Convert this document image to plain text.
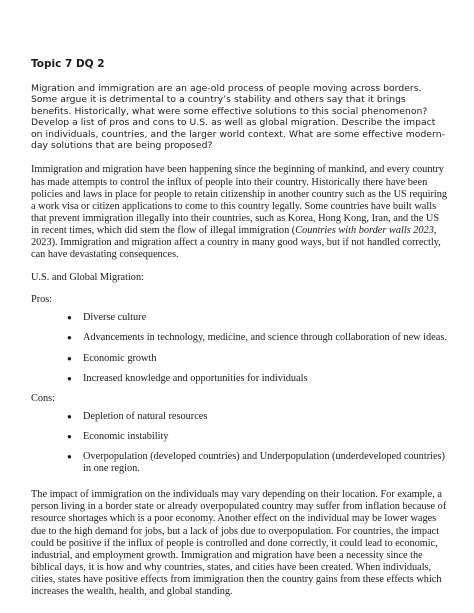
Topic 7 DQ 2

Migration and immigration are an age-old process of people moving across borders. Some argue it is detrimental to a country’s stability and others say that it brings benefits. Historically, what were some effective solutions to this social phenomenon? Develop a list of pros and cons to U.S. as well as global migration. Describe the impact on individuals, countries, and the larger world context. What are some effective modern-day solutions that are being proposed?

Immigration and migration have been happening since the beginning of mankind, and every country has made attempts to control the influx of people into their country. Historically there have been policies and laws in place for people to retain citizenship in another country such as the US requiring a work visa or citizen applications to come to this country legally. Some countries have built walls that prevent immigration illegally into their countries, such as Korea, Hong Kong, Iran, and the US in recent times, which did stem the flow of illegal immigration (Countries with border walls 2023, 2023). Immigration and migration affect a country in many good ways, but if not handled correctly, can have devastating consequences.

U.S. and Global Migration:

Pros:

● Diverse culture
● Advancements in technology, medicine, and science through collaboration of new ideas.
● Economic growth
● Increased knowledge and opportunities for individuals

Cons:

● Depletion of natural resources
● Economic instability
● Overpopulation (developed countries) and Underpopulation (underdeveloped countries) in one region.

The impact of immigration on the individuals may vary depending on their location. For example, a person living in a border state or already overpopulated country may suffer from inflation because of resource shortages which is a poor economy. Another effect on the individual may be lower wages due to the high demand for jobs, but a lack of jobs due to overpopulation. For countries, the impact could be positive if the influx of people is controlled and done correctly, it could lead to economic, industrial, and employment growth. Immigration and migration have been a necessity since the biblical days, it is how and why countries, states, and cities have been created. When individuals, cities, states have positive effects from immigration then the country gains from these effects which increases the wealth, health, and global standing.
